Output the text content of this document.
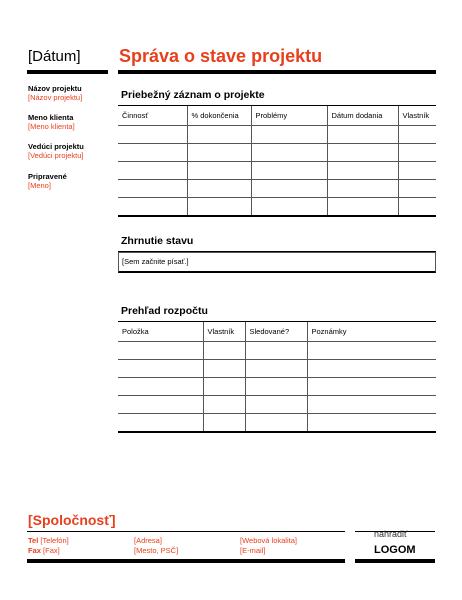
[Dátum] Správa o stave projektu
Názov projektu
[Názov projektu]
Meno klienta
[Meno klienta]
Vedúci projektu
[Vedúci projektu]
Pripravené
[Meno]
Priebežný záznam o projekte
Činnosť	% dokončenia	Problémy	Dátum dodania	Vlastník

Zhrnutie stavu
[Sem začnite písať.]
Prehľad rozpočtu
Položka	Vlastník	Sledované?	Poznámky

[Spoločnosť]
Tel [Telefón]
Fax [Fax]
[Adresa]
[Mesto, PSČ]
[Webová lokalita]
[E-mail]
nahradiť
LOGOM
